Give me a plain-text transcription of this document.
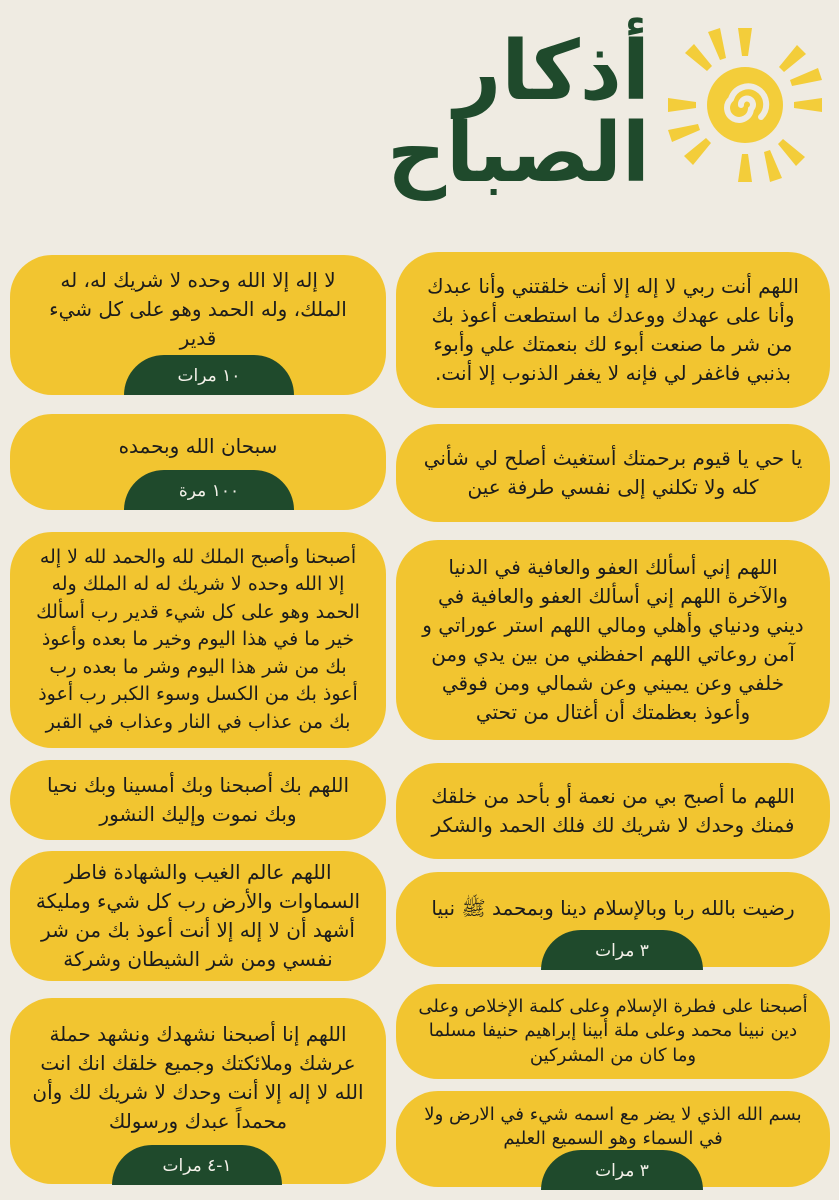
أذكار الصباح

اللهم أنت ربي لا إله إلا أنت خلقتني وأنا عبدك وأنا على عهدك ووعدك ما استطعت أعوذ بك من شر ما صنعت أبوء لك بنعمتك علي وأبوء بذنبي فاغفر لي فإنه لا يغفر الذنوب إلا أنت.

يا حي يا قيوم برحمتك أستغيث أصلح لي شأني كله ولا تكلني إلى نفسي طرفة عين

اللهم إني أسألك العفو والعافية في الدنيا والآخرة اللهم إني أسألك العفو والعافية في ديني ودنياي وأهلي ومالي اللهم استر عوراتي و آمن روعاتي اللهم احفظني من بين يدي ومن خلفي وعن يميني وعن شمالي ومن فوقي وأعوذ بعظمتك أن أغتال من تحتي

اللهم ما أصبح بي من نعمة أو بأحد من خلقك فمنك وحدك لا شريك لك فلك الحمد والشكر

رضيت بالله ربا وبالإسلام دينا وبمحمد ﷺ نبيا

٣ مرات

أصبحنا على فطرة الإسلام وعلى كلمة الإخلاص وعلى دين نبينا محمد وعلى ملة أبينا إبراهيم حنيفا مسلما وما كان من المشركين

بسم الله الذي لا يضر مع اسمه شيء في الارض ولا في السماء وهو السميع العليم

٣ مرات

لا إله إلا الله وحده لا شريك له، له الملك، وله الحمد وهو على كل شيء قدير

١٠ مرات

سبحان الله وبحمده

١٠٠ مرة

أصبحنا وأصبح الملك لله والحمد لله لا إله إلا الله وحده لا شريك له له الملك وله الحمد وهو على كل شيء قدير رب أسألك خير ما في هذا اليوم وخير ما بعده وأعوذ بك من شر هذا اليوم وشر ما بعده رب أعوذ بك من الكسل وسوء الكبر رب أعوذ بك من عذاب في النار وعذاب في القبر

اللهم بك أصبحنا وبك أمسينا وبك نحيا وبك نموت وإليك النشور

اللهم عالم الغيب والشهادة فاطر السماوات والأرض رب كل شيء ومليكة أشهد أن لا إله إلا أنت أعوذ بك من شر نفسي ومن شر الشيطان وشركة

اللهم إنا أصبحنا نشهدك ونشهد حملة عرشك وملائكتك وجميع خلقك انك انت الله لا إله إلا أنت وحدك لا شريك لك وأن محمداً عبدك ورسولك

١-٤ مرات
